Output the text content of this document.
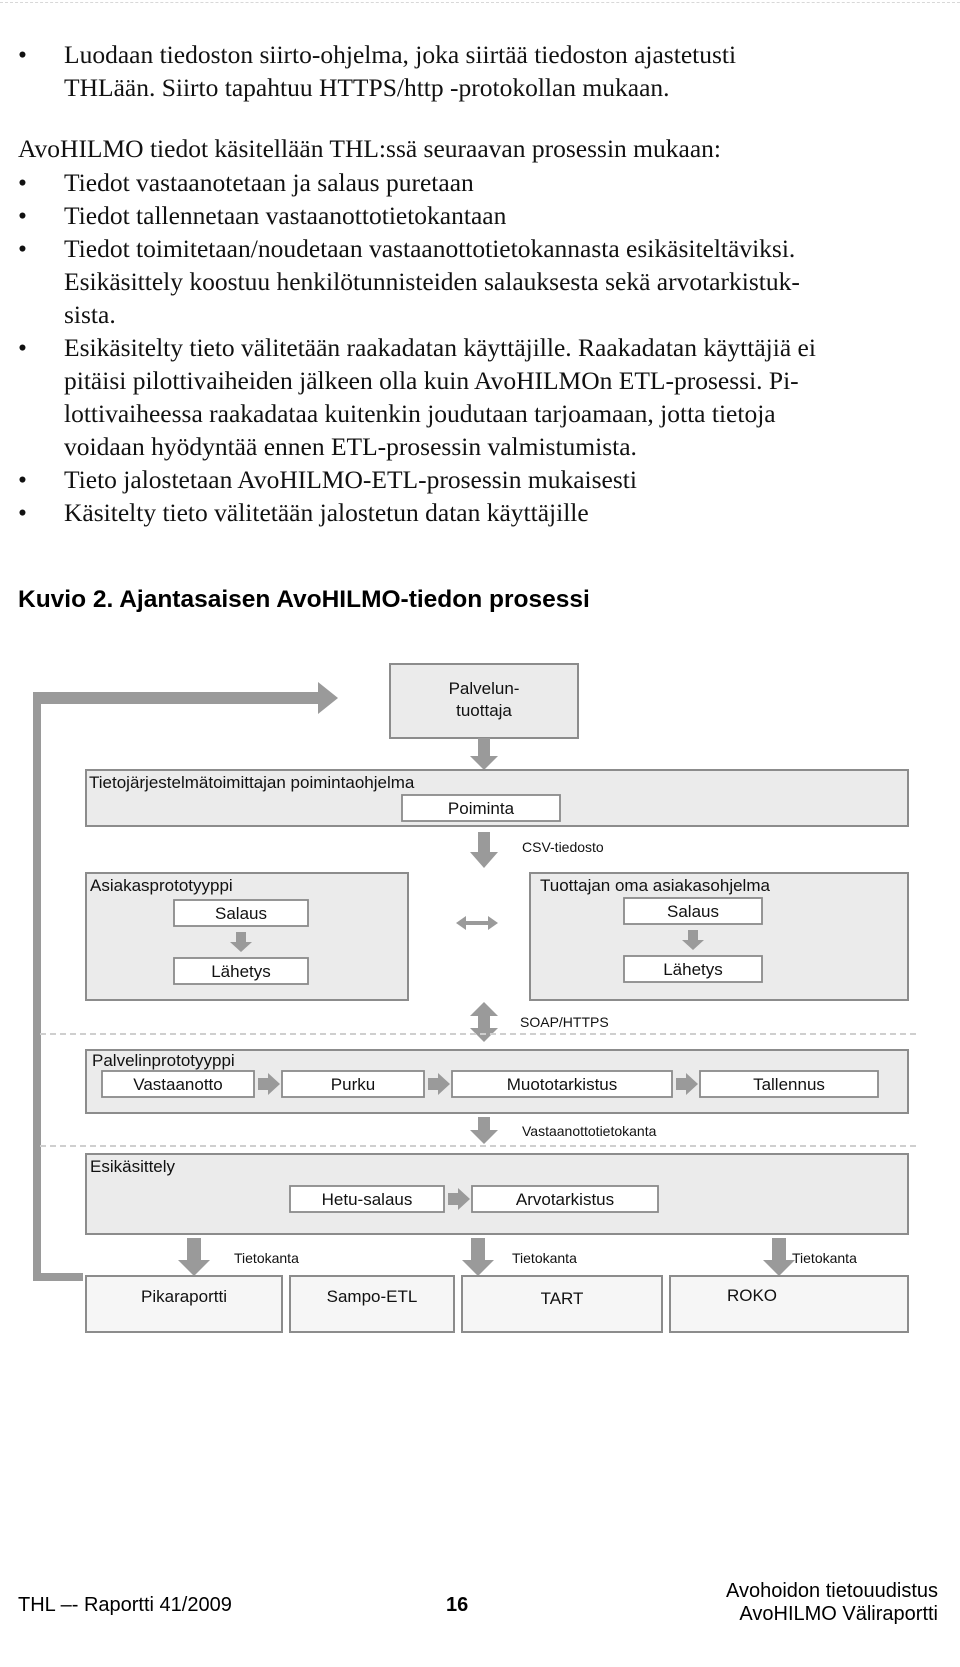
• Luodaan tiedoston siirto-ohjelma, joka siirtää tiedoston ajastetusti
THLään. Siirto tapahtuu HTTPS/http -protokollan mukaan.
AvoHILMO tiedot käsitellään THL:ssä seuraavan prosessin mukaan:
• Tiedot vastaanotetaan ja salaus puretaan
• Tiedot tallennetaan vastaanottotietokantaan
• Tiedot toimitetaan/noudetaan vastaanottotietokannasta esikäsiteltäviksi.
Esikäsittely koostuu henkilötunnisteiden salauksesta sekä arvotarkistuk-
sista.
• Esikäsitelty tieto välitetään raakadatan käyttäjille. Raakadatan käyttäjiä ei
pitäisi pilottivaiheiden jälkeen olla kuin AvoHILMOn ETL-prosessi. Pi-
lottivaiheessa raakadataa kuitenkin joudutaan tarjoamaan, jotta tietoja
voidaan hyödyntää ennen ETL-prosessin valmistumista.
• Tieto jalostetaan AvoHILMO-ETL-prosessin mukaisesti
• Käsitelty tieto välitetään jalostetun datan käyttäjille
Kuvio 2. Ajantasaisen AvoHILMO-tiedon prosessi
Palvelun-
tuottaja
Tietojärjestelmätoimittajan poimintaohjelma
Poiminta
CSV-tiedosto
Asiakasprototyyppi
Salaus
Lähetys
Tuottajan oma asiakasohjelma
Salaus
Lähetys
SOAP/HTTPS
Palvelinprototyyppi
Vastaanotto	Purku	Muototarkistus	Tallennus
Vastaanottotietokanta
Esikäsittely
Hetu-salaus	Arvotarkistus
Tietokanta	Tietokanta	Tietokanta
Pikaraportti	Sampo-ETL	TART	ROKO
THL –- Raportti 41/2009	16
Avohoidon tietouudistus
AvoHILMO Väliraportti
